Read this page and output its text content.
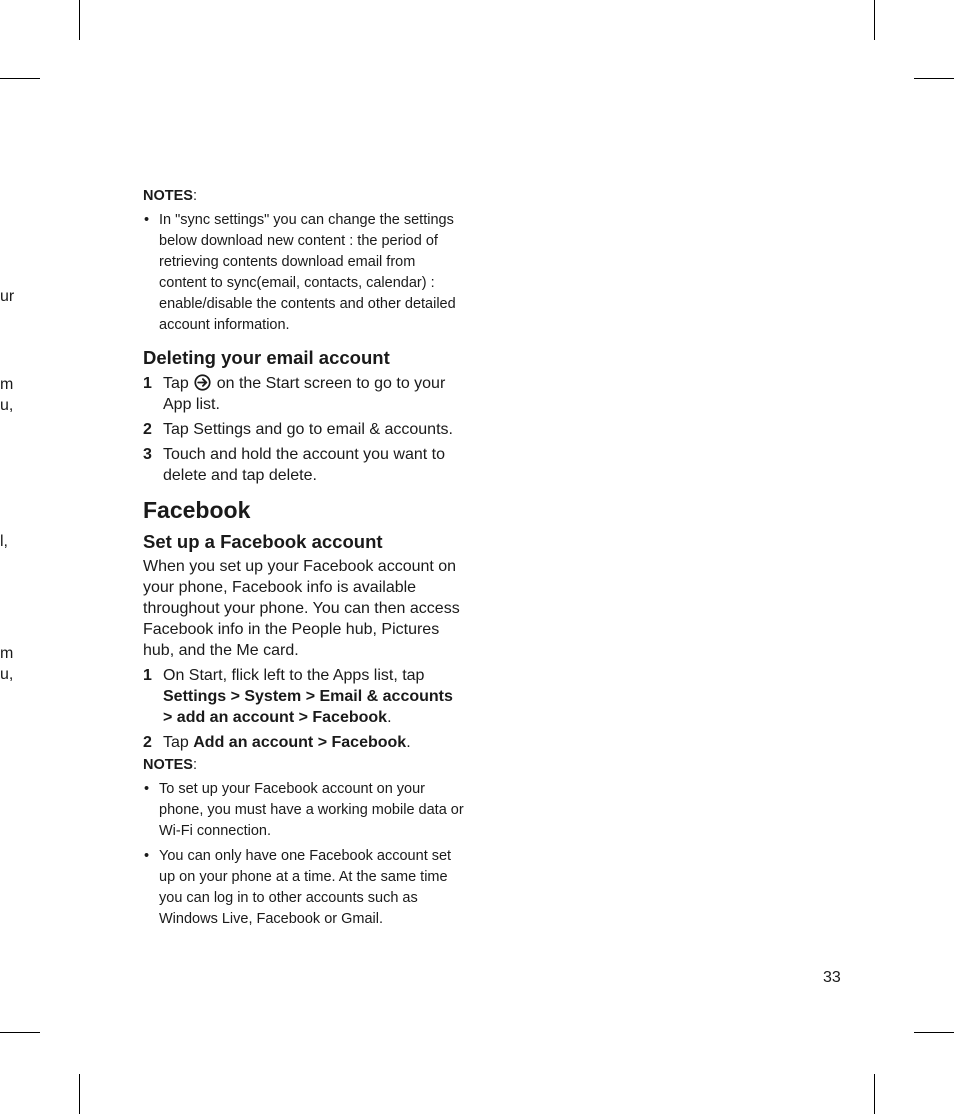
ur
m
u,
l,
m
u,

NOTES:

• In "sync settings" you can change the settings below download new content : the period of retrieving contents download email from content to sync(email, contacts, calendar) : enable/disable the contents and other detailed account information.
Deleting your email account
1 Tap on the Start screen to go to your App list.
2 Tap Settings and go to email & accounts.
3 Touch and hold the account you want to delete and tap delete.
Facebook
Set up a Facebook account

When you set up your Facebook account on your phone, Facebook info is available throughout your phone. You can then access Facebook info in the People hub, Pictures hub, and the Me card.

1 On Start, flick left to the Apps list, tap Settings > System > Email & accounts > add an account > Facebook.
2 Tap Add an account > Facebook.

NOTES:

• To set up your Facebook account on your phone, you must have a working mobile data or Wi-Fi connection.
• You can only have one Facebook account set up on your phone at a time. At the same time you can log in to other accounts such as Windows Live, Facebook or Gmail.
33
